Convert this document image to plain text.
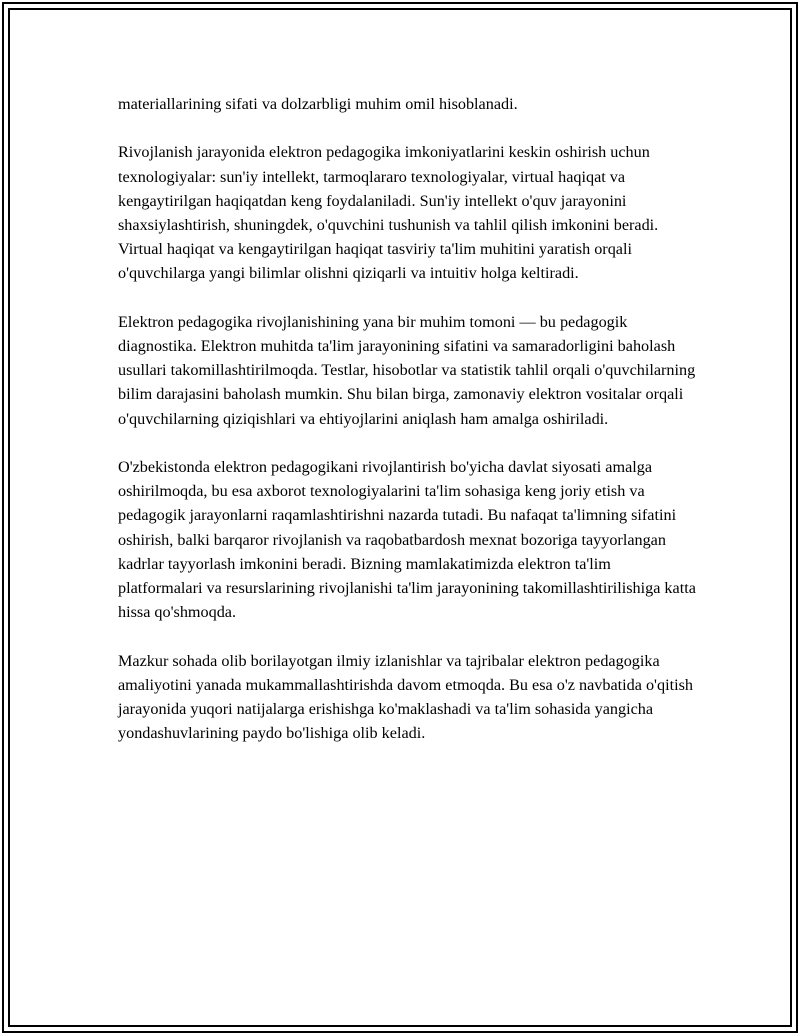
materiallarining sifati va dolzarbligi muhim omil hisoblanadi.

Rivojlanish jarayonida elektron pedagogika imkoniyatlarini keskin oshirish uchun texnologiyalar: sun'iy intellekt, tarmoqlararo texnologiyalar, virtual haqiqat va kengaytirilgan haqiqatdan keng foydalaniladi. Sun'iy intellekt o'quv jarayonini shaxsiylashtirish, shuningdek, o'quvchini tushunish va tahlil qilish imkonini beradi. Virtual haqiqat va kengaytirilgan haqiqat tasviriy ta'lim muhitini yaratish orqali o'quvchilarga yangi bilimlar olishni qiziqarli va intuitiv holga keltiradi.

Elektron pedagogika rivojlanishining yana bir muhim tomoni — bu pedagogik diagnostika. Elektron muhitda ta'lim jarayonining sifatini va samaradorligini baholash usullari takomillashtirilmoqda. Testlar, hisobotlar va statistik tahlil orqali o'quvchilarning bilim darajasini baholash mumkin. Shu bilan birga, zamonaviy elektron vositalar orqali o'quvchilarning qiziqishlari va ehtiyojlarini aniqlash ham amalga oshiriladi.

O'zbekistonda elektron pedagogikani rivojlantirish bo'yicha davlat siyosati amalga oshirilmoqda, bu esa axborot texnologiyalarini ta'lim sohasiga keng joriy etish va pedagogik jarayonlarni raqamlashtirishni nazarda tutadi. Bu nafaqat ta'limning sifatini oshirish, balki barqaror rivojlanish va raqobatbardosh mexnat bozoriga tayyorlangan kadrlar tayyorlash imkonini beradi. Bizning mamlakatimizda elektron ta'lim platformalari va resurslarining rivojlanishi ta'lim jarayonining takomillashtirilishiga katta hissa qo'shmoqda.

Mazkur sohada olib borilayotgan ilmiy izlanishlar va tajribalar elektron pedagogika amaliyotini yanada mukammallashtirishda davom etmoqda. Bu esa o'z navbatida o'qitish jarayonida yuqori natijalarga erishishga ko'maklashadi va ta'lim sohasida yangicha yondashuvlarining paydo bo'lishiga olib keladi.
